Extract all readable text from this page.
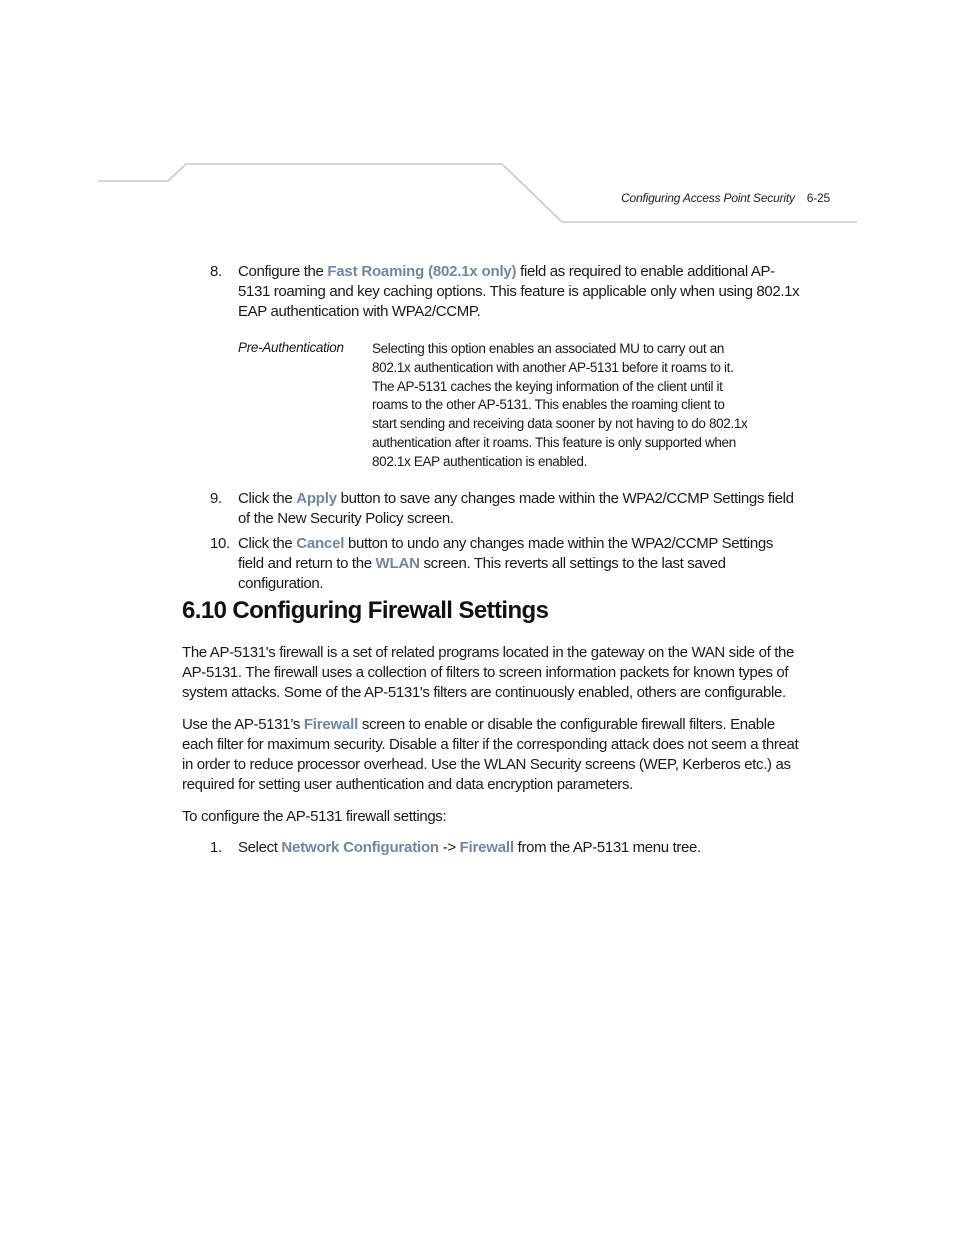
Configuring Access Point Security 6-25
8.	Configure the Fast Roaming (802.1x only) field as required to enable additional AP-5131 roaming and key caching options. This feature is applicable only when using 802.1x EAP authentication with WPA2/CCMP.
Pre-Authentication Selecting this option enables an associated MU to carry out an

802.1x authentication with another AP-5131 before it roams to it.

The AP-5131 caches the keying information of the client until it

roams to the other AP-5131. This enables the roaming client to

start sending and receiving data sooner by not having to do 802.1x

authentication after it roams. This feature is only supported when

802.1x EAP authentication is enabled.

9.	Click the Apply button to save any changes made within the WPA2/CCMP Settings field of the New Security Policy screen.
10. Click the Cancel button to undo any changes made within the WPA2/CCMP Settings field and return to the WLAN screen. This reverts all settings to the last saved configuration.
6.10 Configuring Firewall Settings

The AP-5131's firewall is a set of related programs located in the gateway on the WAN side of the AP-5131. The firewall uses a collection of filters to screen information packets for known types of system attacks. Some of the AP-5131's filters are continuously enabled, others are configurable.

Use the AP-5131’s Firewall screen to enable or disable the configurable firewall filters. Enable each filter for maximum security. Disable a filter if the corresponding attack does not seem a threat in order to reduce processor overhead. Use the WLAN Security screens (WEP, Kerberos etc.) as required for setting user authentication and data encryption parameters.

To configure the AP-5131 firewall settings:

1.	Select Network Configuration -> Firewall from the AP-5131 menu tree.
